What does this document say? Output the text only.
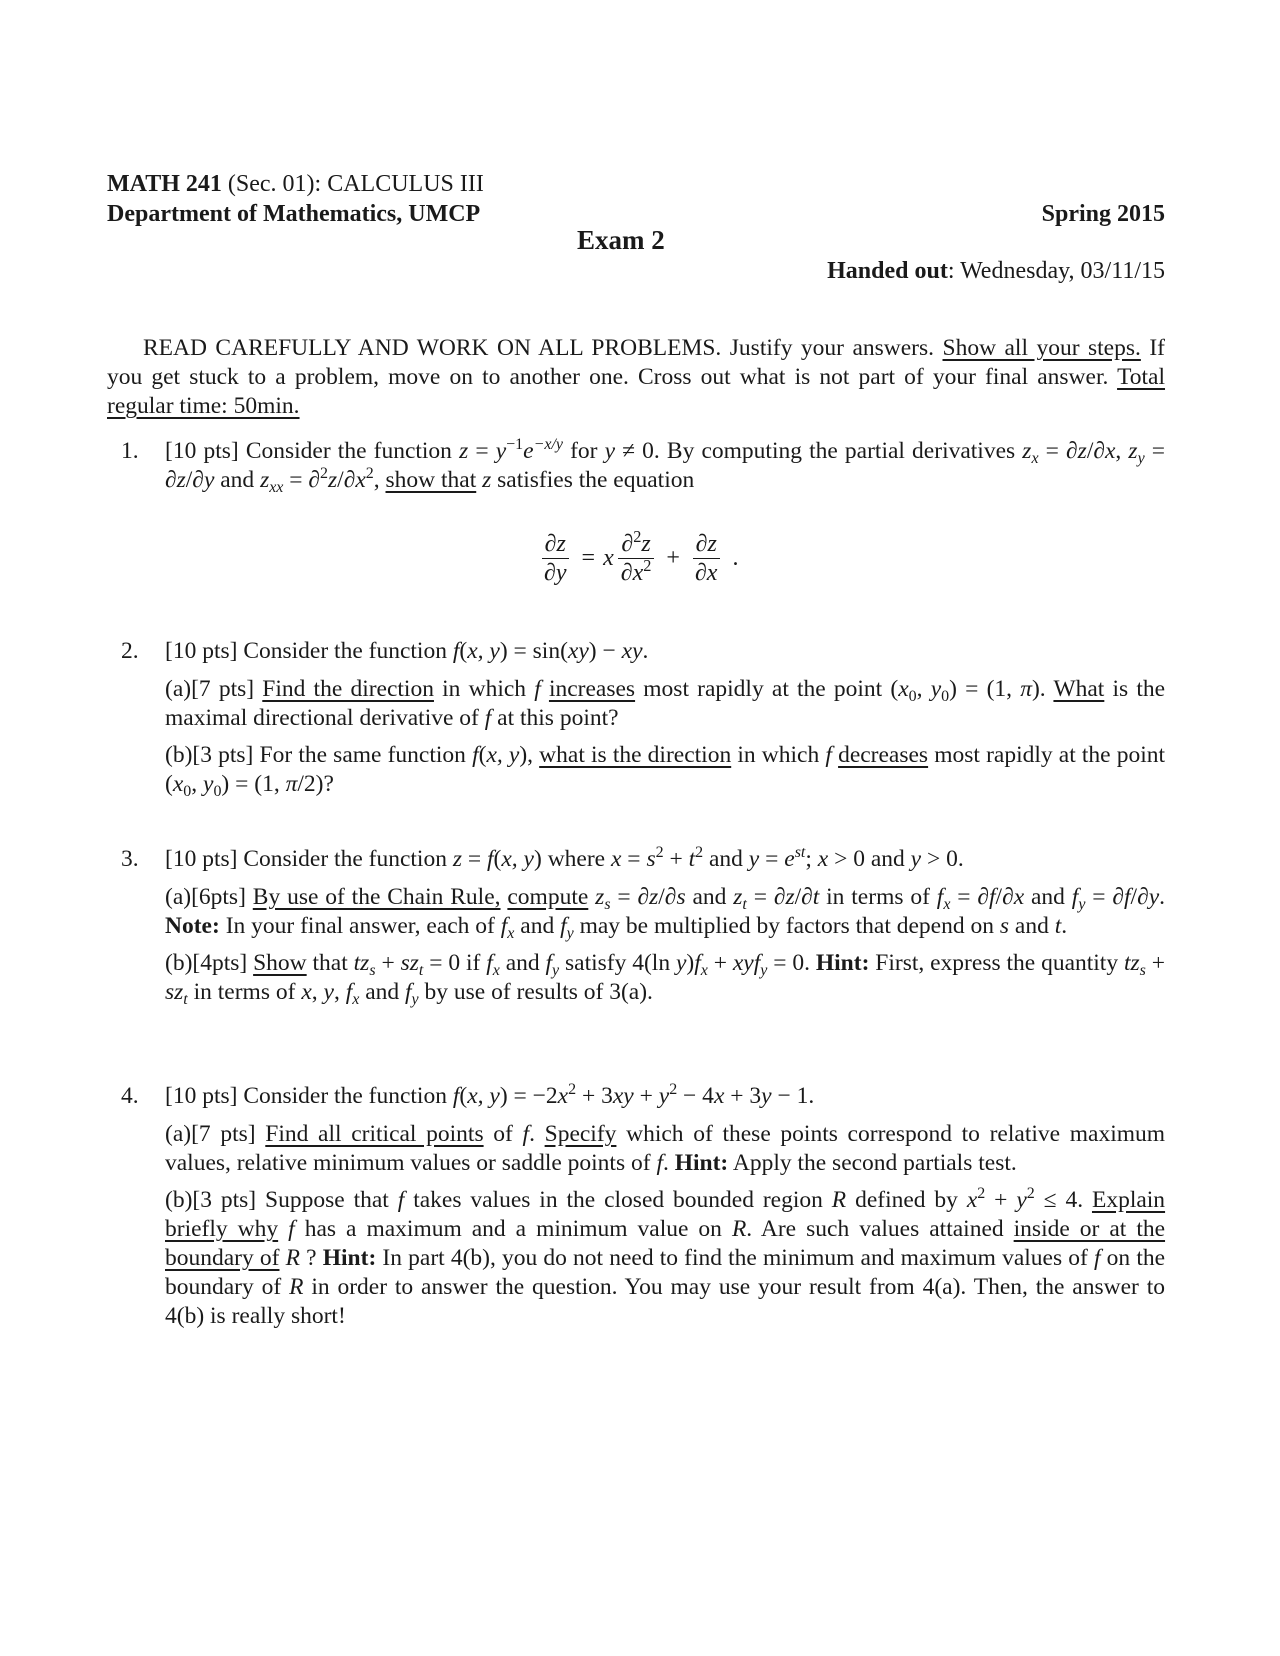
MATH 241 (Sec. 01): CALCULUS III
Department of Mathematics, UMCP	Spring 2015
Exam 2
Handed out: Wednesday, 03/11/15
READ CAREFULLY AND WORK ON ALL PROBLEMS. Justify your answers. Show all your steps. If you get stuck to a problem, move on to another one. Cross out what is not part of your final answer. Total regular time: 50min.
1. [10 pts] Consider the function $z = y^{-1}e^{-x/y}$ for y ≠ 0. By computing the partial derivatives $z_x = \partial z/\partial x$, $z_y = \partial z/\partial y$ and $z_{xx} = \partial^2z/\partial x^2$, show that z satisfies the equation
$\frac{\partial z}{\partial y} = x \frac{\partial^2z}{\partial x^2} + \frac{\partial z}{\partial x}$ .
2. [10 pts] Consider the function f(x, y) = sin(xy) − xy.
(a)[7 pts] Find the direction in which f increases most rapidly at the point ($x_0$, $y_0) = (1$, π). What is the maximal directional derivative of f at this point?
(b)[3 pts] For the same function f(x, y), what is the direction in which f decreases most rapidly at the point ($x_0$, $y_0) = (1$, π/2)?
3. [10 pts] Consider the function z = f(x, y) where $x = s^2 + t^2$ and $y = e^{st}$; x > 0 and y > 0.
(a)[6pts] By use of the Chain Rule, compute $z_s = \partial z/\partial s$ and $z_t = \partial z/\partial t$ in terms of $f_x = \partial f/\partial x$ and $f_y = \partial f/\partial y$. Note: In your final answer, each of $f_x$ and $f_y$ may be multiplied by factors that depend on s and t.
(b)[4pts] Show that $tz_s + sz_t = 0$ if $f_x$ and $f_y$ satisfy 4(ln $y)f_x + xyf_y = 0$. Hint: First, express the quantity $tz_s + sz_t$ in terms of x, y, $f_x$ and $f_y$ by use of results of 3(a).
4. [10 pts] Consider the function f(x, $y) = -2x^2 + 3xy + y^2 - 4x + 3y - 1$.
(a)[7 pts] Find all critical points of f. Specify which of these points correspond to relative maximum values, relative minimum values or saddle points of f. Hint: Apply the second partials test.
(b)[3 pts] Suppose that f takes values in the closed bounded region R defined by $x^2 + y^2 \le 4$. Explain briefly why f has a maximum and a minimum value on R. Are such values attained inside or at the boundary of R ? Hint: In part 4(b), you do not need to find the minimum and maximum values of f on the boundary of R in order to answer the question. You may use your result from 4(a). Then, the answer to 4(b) is really short!
